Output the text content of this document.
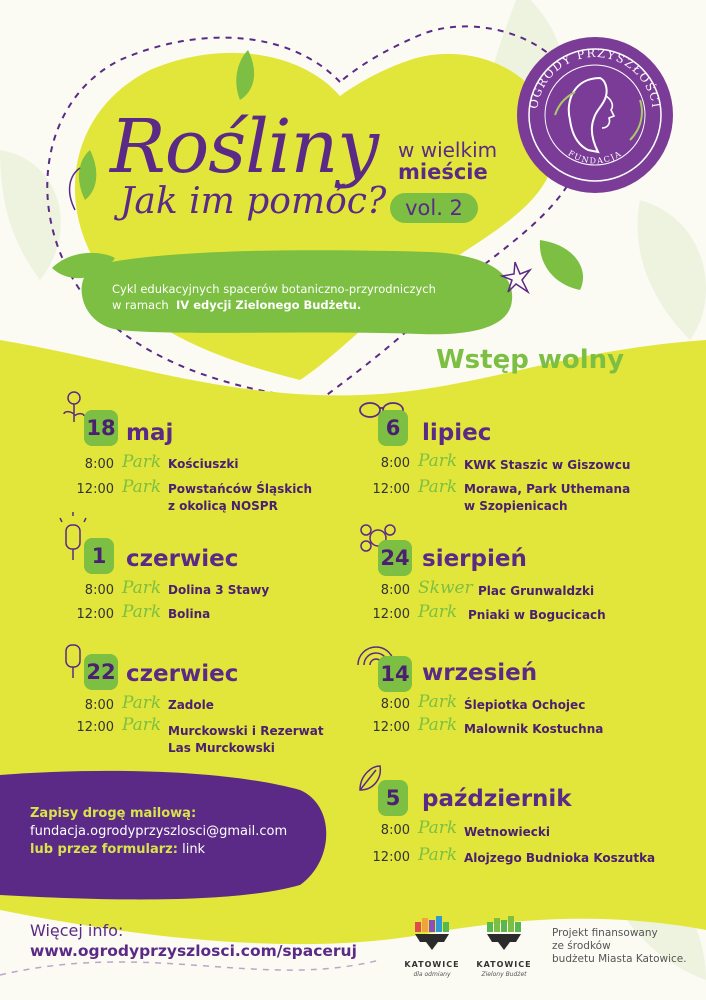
OGRODY PRZYSZŁOŚCI
FUNDACJA
Rośliny w wielkim
mieście
Jak im pomóc? vol. 2
Cykl edukacyjnych spacerów botaniczno-przyrodniczych
w ramach IV edycji Zielonego Budżetu.
Wstęp wolny
18 maj
8:00 Park Kościuszki
12:00 Park Powstańców Śląskich
z okolicą NOSPR
1 czerwiec
8:00 Park Dolina 3 Stawy
12:00 Park Bolina
22 czerwiec
8:00 Park Zadole
12:00 Park Murckowski i Rezerwat
Las Murckowski
6 lipiec
8:00 Park KWK Staszic w Giszowcu
12:00 Park Morawa, Park Uthemana
w Szopienicach
24 sierpień
8:00 Skwer Plac Grunwaldzki
12:00 Park Pniaki w Bogucicach
14 wrzesień
8:00 Park Ślepiotka Ochojec
12:00 Park Malownik Kostuchna
5 październik
8:00 Park Wetnowiecki
12:00 Park Alojzego Budnioka Koszutka
Zapisy drogę mailową:
fundacja.ogrodyprzyszlosci@gmail.com
lub przez formularz: link
Więcej info:
www.ogrodyprzyszlosci.com/spaceruj
KATOWICE
dla odmiany
KATOWICE
Zielony Budżet
Projekt finansowany
ze środków
budżetu Miasta Katowice.
